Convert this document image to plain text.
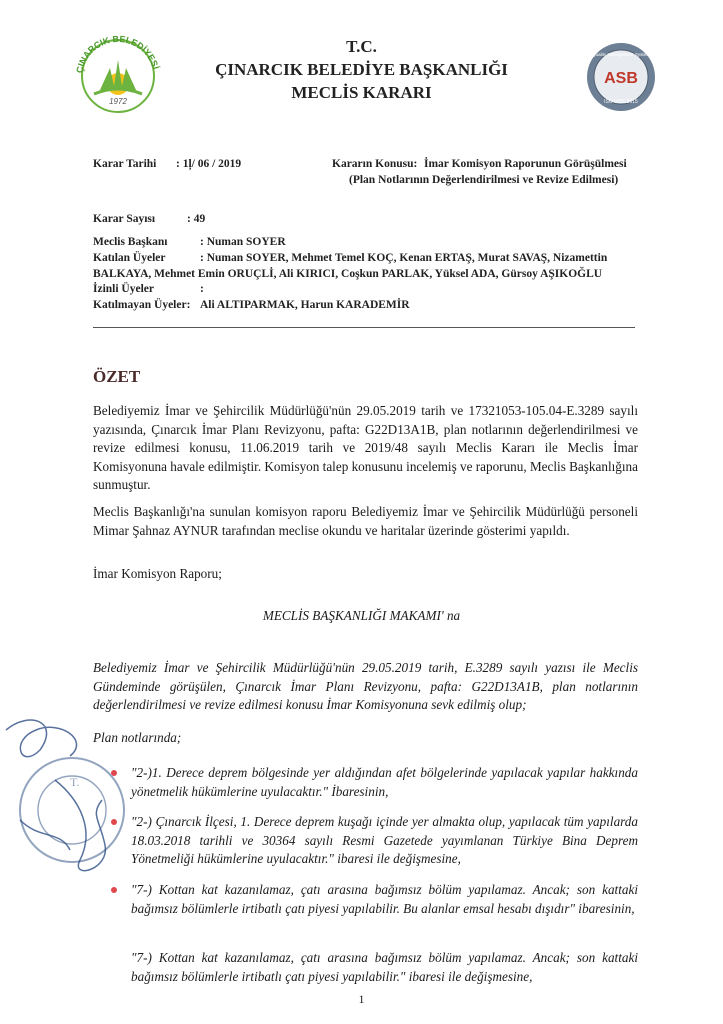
T.C.
ÇINARCIK BELEDİYE BAŞKANLIĞI
MECLİS KARARI
ÇINARCIK BELEDİYESİ
1972
ASB
Quality Management System
ISO 9001:2015
Karar Tarihi : 1ļ/ 06 / 2019	Kararın Konusu: İmar Komisyon Raporunun Görüşülmesi
(Plan Notlarının Değerlendirilmesi ve Revize Edilmesi)
Karar Sayısı	: 49
Meclis Başkanı	: Numan SOYER
Katılan Üyeler	: Numan SOYER, Mehmet Temel KOÇ, Kenan ERTAŞ, Murat SAVAŞ, Nizamettin
BALKAYA, Mehmet Emin ORUÇLİ, Ali KIRICI, Coşkun PARLAK, Yüksel ADA, Gürsoy AŞIKOĞLU
İzinli Üyeler	:
Katılmayan Üyeler: Ali ALTIPARMAK, Harun KARADEMİR
ÖZET
Belediyemiz İmar ve Şehircilik Müdürlüğü'nün 29.05.2019 tarih ve 17321053-105.04-E.3289 sayılı yazısında, Çınarcık İmar Planı Revizyonu, pafta: G22D13A1B, plan notlarının değerlendirilmesi ve revize edilmesi konusu, 11.06.2019 tarih ve 2019/48 sayılı Meclis Kararı ile Meclis İmar Komisyonuna havale edilmiştir. Komisyon talep konusunu incelemiş ve raporunu, Meclis Başkanlığına sunmuştur.
Meclis Başkanlığı'na sunulan komisyon raporu Belediyemiz İmar ve Şehircilik Müdürlüğü personeli Mimar Şahnaz AYNUR tarafından meclise okundu ve haritalar üzerinde gösterimi yapıldı.
İmar Komisyon Raporu;
MECLİS BAŞKANLIĞI MAKAMI' na
Belediyemiz İmar ve Şehircilik Müdürlüğü'nün 29.05.2019 tarih, E.3289 sayılı yazısı ile Meclis Gündeminde görüşülen, Çınarcık İmar Planı Revizyonu, pafta: G22D13A1B, plan notlarının değerlendirilmesi ve revize edilmesi konusu İmar Komisyonuna sevk edilmiş olup;
Plan notlarında;
"2-)1. Derece deprem bölgesinde yer aldığından afet bölgelerinde yapılacak yapılar hakkında yönetmelik hükümlerine uyulacaktır." İbaresinin,
"2-) Çınarcık İlçesi, 1. Derece deprem kuşağı içinde yer almakta olup, yapılacak tüm yapılarda 18.03.2018 tarihli ve 30364 sayılı Resmi Gazetede yayımlanan Türkiye Bina Deprem Yönetmeliği hükümlerine uyulacaktır." ibaresi ile değişmesine,
"7-) Kottan kat kazanılamaz, çatı arasına bağımsız bölüm yapılamaz. Ancak; son kattaki bağımsız bölümlerle irtibatlı çatı piyesi yapılabilir. Bu alanlar emsal hesabı dışıdır" ibaresinin,
"7-) Kottan kat kazanılamaz, çatı arasına bağımsız bölüm yapılamaz. Ancak; son kattaki bağımsız bölümlerle irtibatlı çatı piyesi yapılabilir." ibaresi ile değişmesine,
1
T.
